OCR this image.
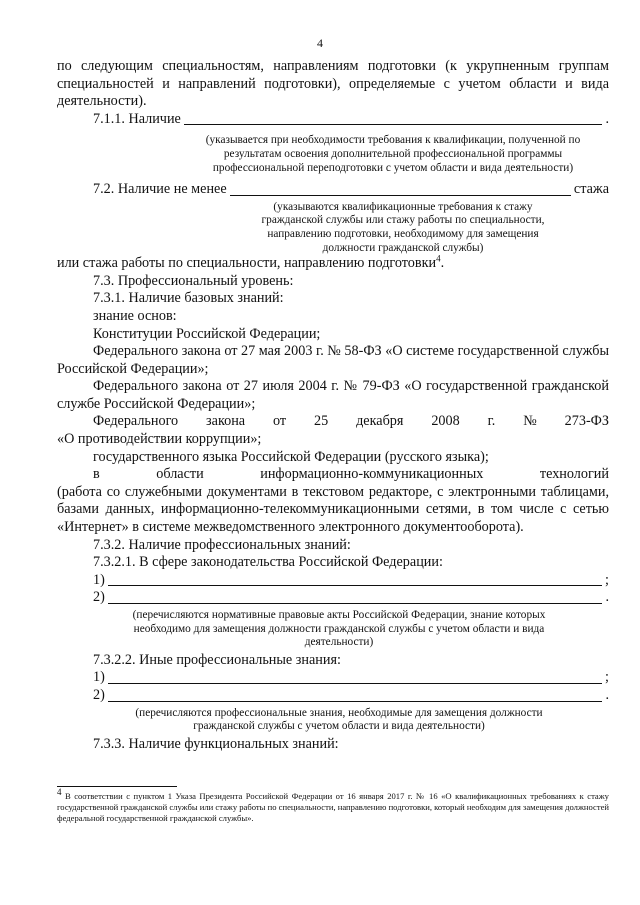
4

по следующим специальностям, направлениям подготовки (к укрупненным группам специальностей и направлений подготовки), определяемые с учетом области и вида деятельности).

7.1.1. Наличие	.
(указывается при необходимости требования к квалификации, полученной по результатам освоения дополнительной профессиональной программы профессиональной переподготовки с учетом области и вида деятельности)
7.2. Наличие не менее	стажа
(указываются квалификационные требования к стажу гражданской службы или стажу работы по специальности, направлению подготовки, необходимому для замещения должности гражданской службы)

или стажа работы по специальности, направлению подготовки$^4$.

7.3. Профессиональный уровень:

7.3.1. Наличие базовых знаний:

знание основ:

Конституции Российской Федерации;

Федерального закона от 27 мая 2003 г. № 58-ФЗ «О системе государственной службы Российской Федерации»;

Федерального закона от 27 июля 2004 г. № 79-ФЗ «О государственной гражданской службе Российской Федерации»;

Федерального закона от 25 декабря 2008 г. № 273-ФЗ

«О противодействии коррупции»;

государственного языка Российской Федерации (русского языка);

в	области	информационно-коммуникационных	технологий

(работа со служебными документами в текстовом редакторе, с электронными таблицами, базами данных, информационно-телекоммуникационными сетями, в том числе с сетью «Интернет» в системе межведомственного электронного документооборота).

7.3.2. Наличие профессиональных знаний:

7.3.2.1. В сфере законодательства Российской Федерации:

1)	;
2)	.
(перечисляются нормативные правовые акты Российской Федерации, знание которых необходимо для замещения должности гражданской службы с учетом области и вида деятельности)

7.3.2.2. Иные профессиональные знания:

1)	;
2)	.
(перечисляются профессиональные знания, необходимые для замещения должности гражданской службы с учетом области и вида деятельности)

7.3.3. Наличие функциональных знаний:

$^4$ В соответствии с пунктом 1 Указа Президента Российской Федерации от 16 января 2017 г. № 16 «О квалификационных требованиях к стажу государственной гражданской службы или стажу работы по специальности, направлению подготовки, который необходим для замещения должностей федеральной государственной гражданской службы».
